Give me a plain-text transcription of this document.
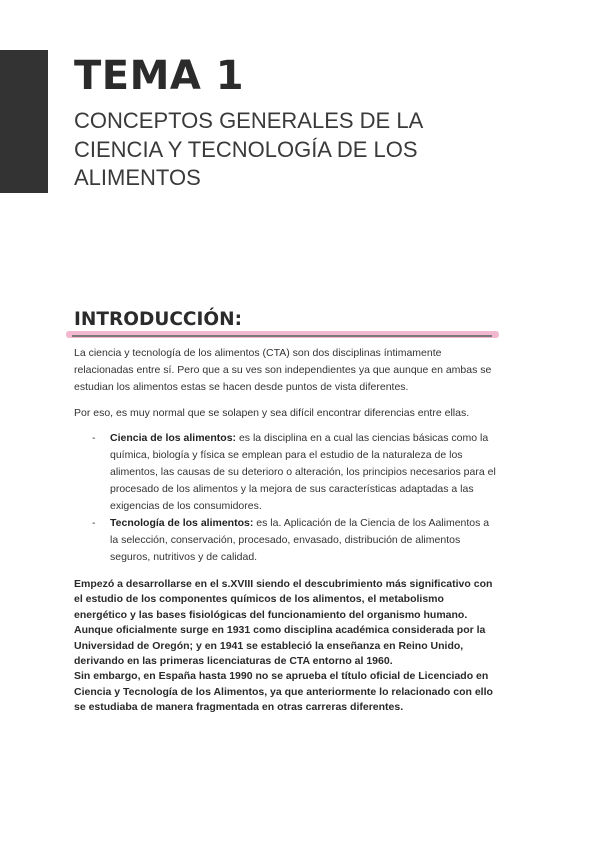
TEMA 1
CONCEPTOS GENERALES DE LA CIENCIA Y TECNOLOGÍA DE LOS ALIMENTOS
INTRODUCCIÓN:

La ciencia y tecnología de los alimentos (CTA) son dos disciplinas íntimamente relacionadas entre sí. Pero que a su ves son independientes ya que aunque en ambas se estudian los alimentos estas se hacen desde puntos de vista diferentes.

Por eso, es muy normal que se solapen y sea difícil encontrar diferencias entre ellas.

- Ciencia de los alimentos: es la disciplina en a cual las ciencias básicas como la química, biología y física se emplean para el estudio de la naturaleza de los alimentos, las causas de su deterioro o alteración, los principios necesarios para el procesado de los alimentos y la mejora de sus características adaptadas a las exigencias de los consumidores.
- Tecnología de los alimentos: es la. Aplicación de la Ciencia de los Aalimentos a la selección, conservación, procesado, envasado, distribución de alimentos seguros, nutritivos y de calidad.
Empezó a desarrollarse en el s.XVIII siendo el descubrimiento más significativo con el estudio de los componentes químicos de los alimentos, el metabolismo energético y las bases fisiológicas del funcionamiento del organismo humano. Aunque oficialmente surge en 1931 como disciplina académica considerada por la Universidad de Oregón; y en 1941 se estableció la enseñanza en Reino Unido, derivando en las primeras licenciaturas de CTA entorno al 1960.
Sin embargo, en España hasta 1990 no se aprueba el título oficial de Licenciado en Ciencia y Tecnología de los Alimentos, ya que anteriormente lo relacionado con ello se estudiaba de manera fragmentada en otras carreras diferentes.
